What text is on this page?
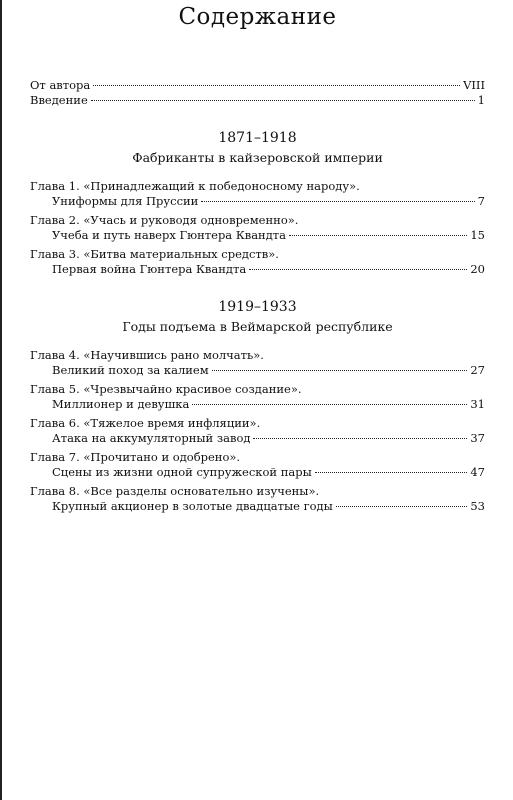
Содержание
От автора	VIII
Введение	1
1871–1918
Фабриканты в кайзеровской империи
Глава 1. «Принадлежащий к победоносному народу».
Униформы для Пруссии	7
Глава 2. «Учась и руководя одновременно».
Учеба и путь наверх Гюнтера Квандта	15
Глава 3. «Битва материальных средств».
Первая война Гюнтера Квандта	20
1919–1933
Годы подъема в Веймарской республике
Глава 4. «Научившись рано молчать».
Великий поход за калием	27
Глава 5. «Чрезвычайно красивое создание».
Миллионер и девушка	31
Глава 6. «Тяжелое время инфляции».
Атака на аккумуляторный завод	37
Глава 7. «Прочитано и одобрено».
Сцены из жизни одной супружеской пары	47
Глава 8. «Все разделы основательно изучены».
Крупный акционер в золотые двадцатые годы	53
